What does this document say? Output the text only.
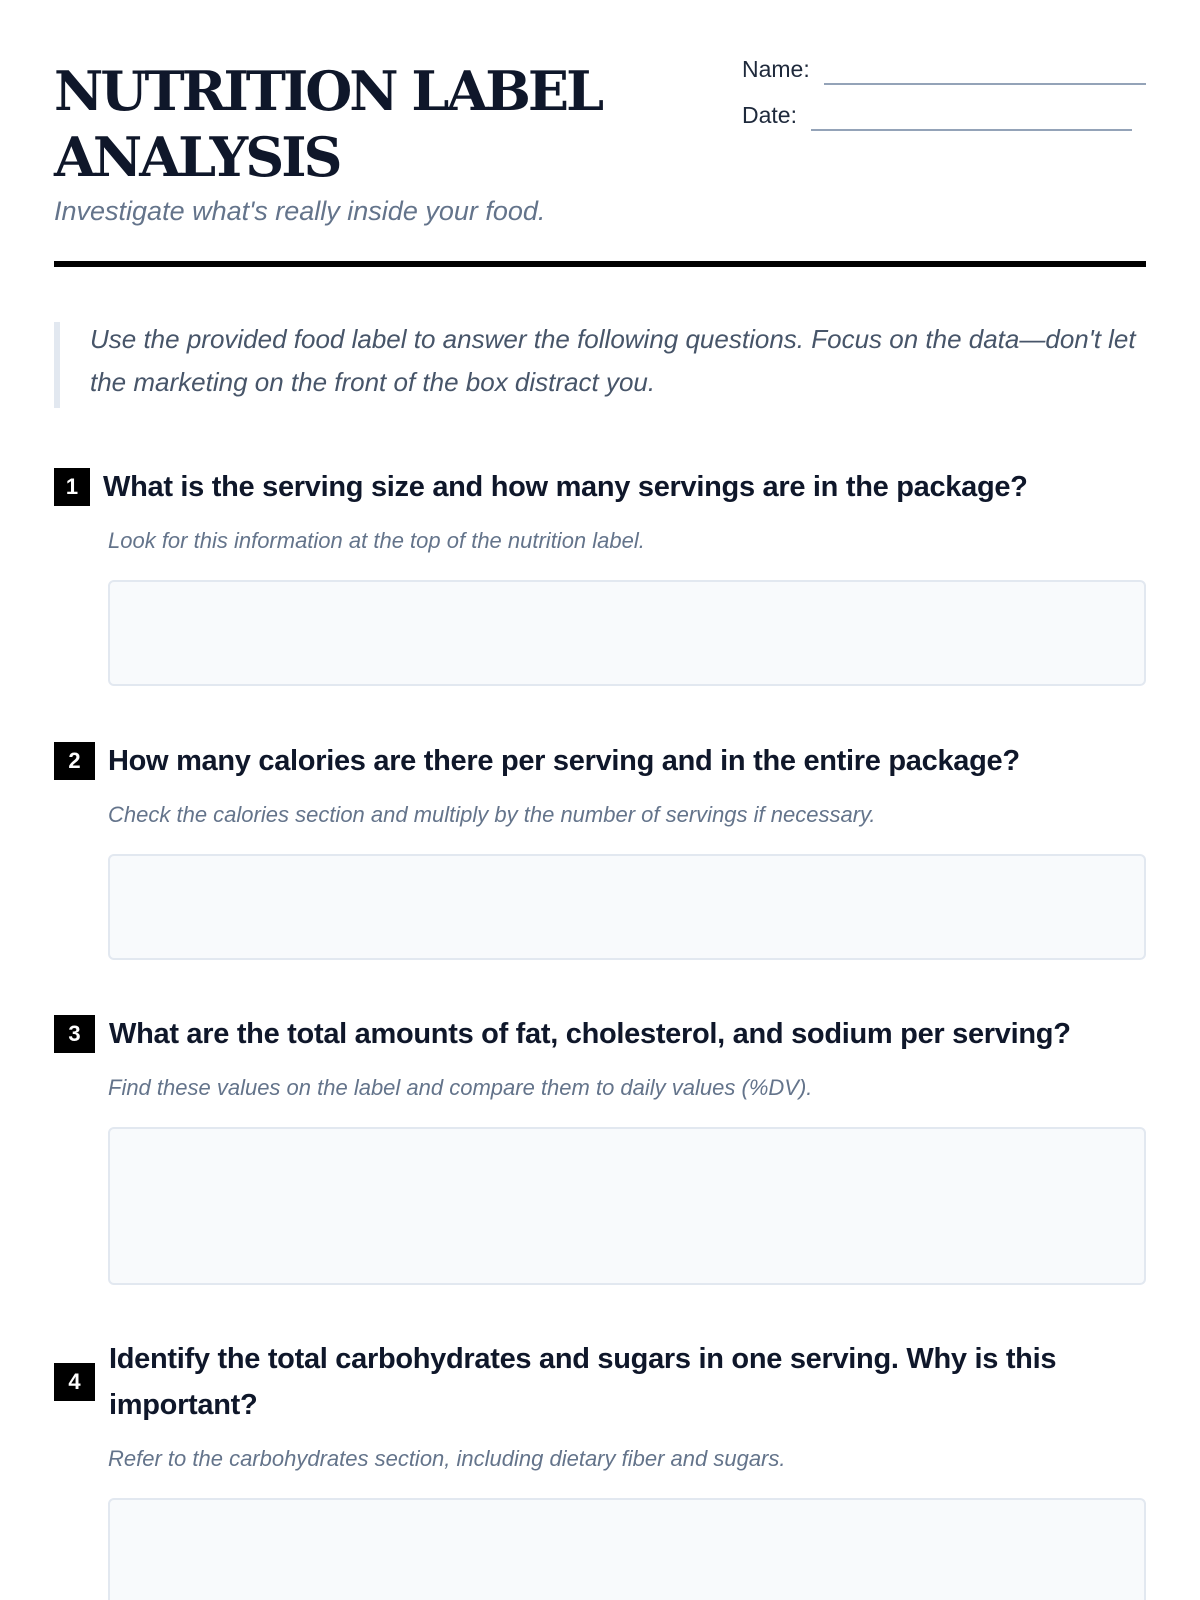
NUTRITION LABEL
ANALYSIS
Investigate what's really inside your food.
Name:
Date:

Use the provided food label to answer the following questions. Focus on the data—don't let the marketing on the front of the box distract you.

1 What is the serving size and how many servings are in the package?
Look for this information at the top of the nutrition label.
2 How many calories are there per serving and in the entire package?
Check the calories section and multiply by the number of servings if necessary.
3 What are the total amounts of fat, cholesterol, and sodium per serving?
Find these values on the label and compare them to daily values (%DV).
4
Identify the total carbohydrates and sugars in one serving. Why is this important?
Refer to the carbohydrates section, including dietary fiber and sugars.
